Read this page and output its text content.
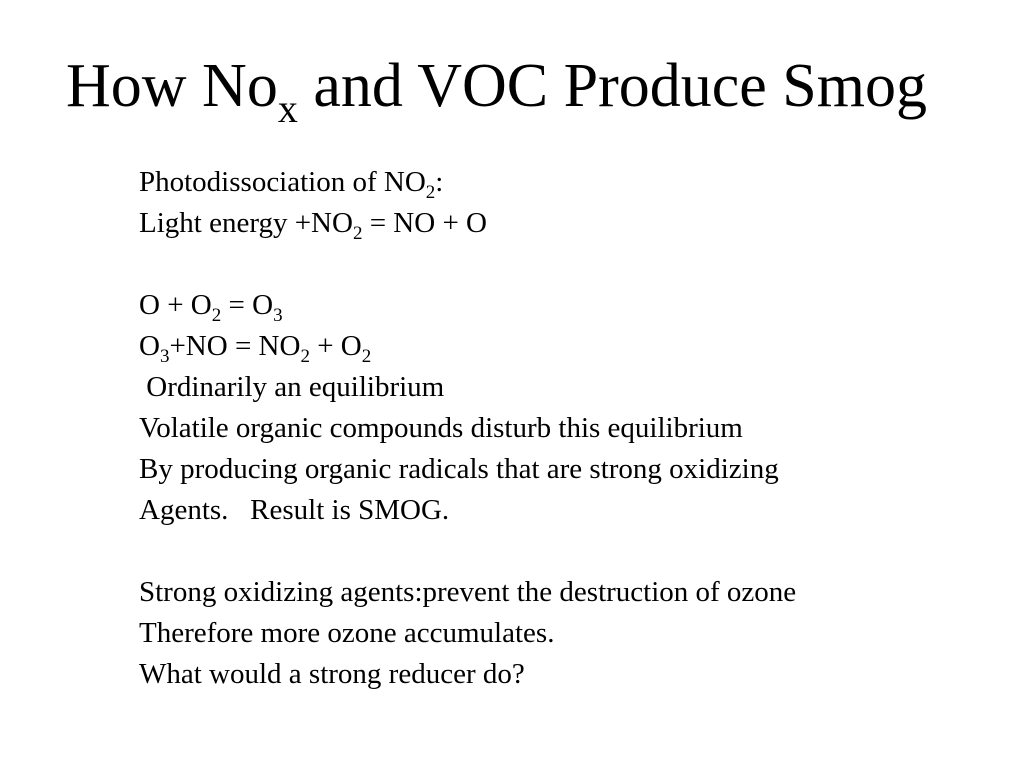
How $No_x$ and VOC Produce Smog
Photodissociation of $NO_2$:
Light energy $+NO_2$ = NO + O
$O + O_2 = O_3$
$O_3+NO = NO_2 + O_2$
Ordinarily an equilibrium
Volatile organic compounds disturb this equilibrium
By producing organic radicals that are strong oxidizing
Agents.   Result is SMOG.
Strong oxidizing agents:prevent the destruction of ozone
Therefore more ozone accumulates.
What would a strong reducer do?
